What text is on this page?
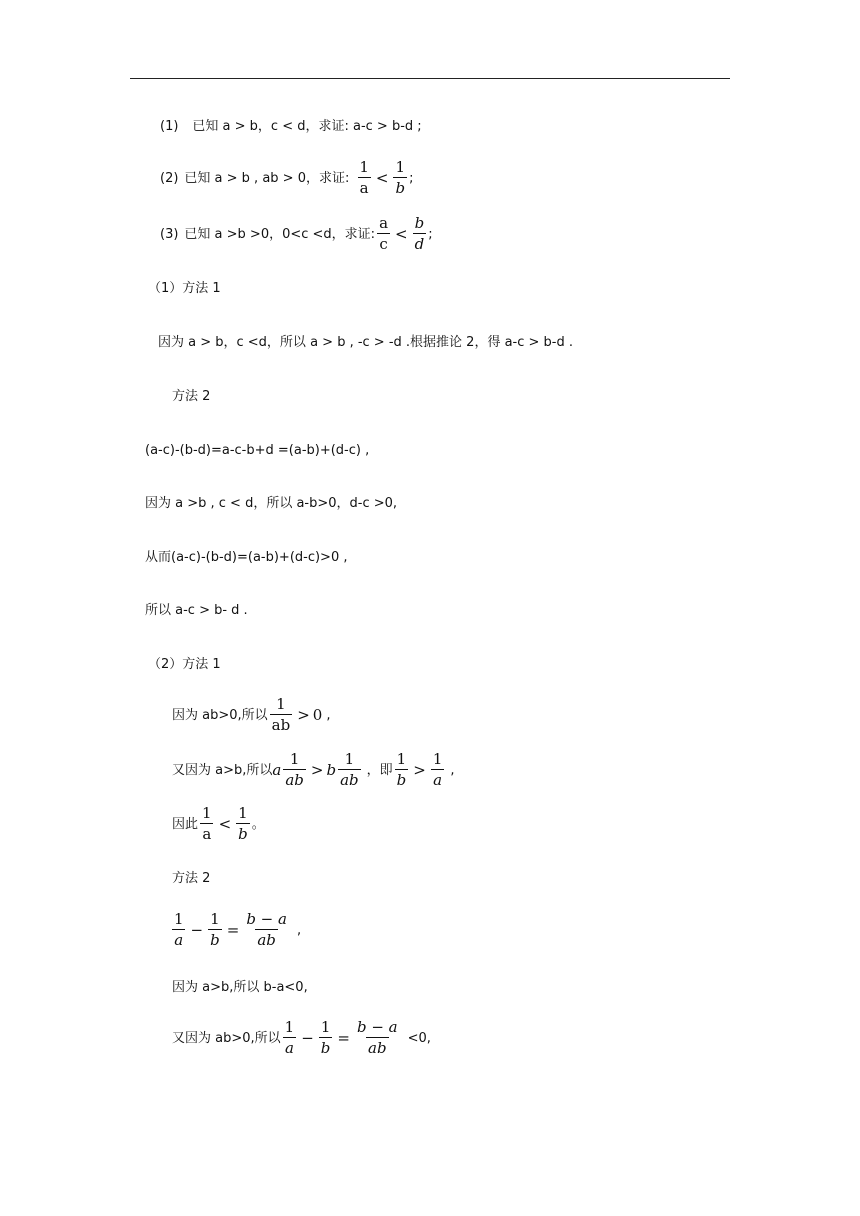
(1) 已知 a > b，c < d，求证: a-c > b-d ;
(2) 已知 a > b , ab > 0，求证: $\frac{1}{a} < \frac{1}{b}$ ;
(3) 已知 a >b >0，0<c <d，求证: $\frac{a}{c} < \frac{b}{d}$ ;
（1）方法 1
因为 a > b，c <d，所以 a > b , -c > -d .根据推论 2，得 a-c > b-d .
方法 2
(a-c)-(b-d)=a-c-b+d =(a-b)+(d-c) ,
因为 a >b , c < d，所以 a-b>0，d-c >0,
从而(a-c)-(b-d)=(a-b)+(d-c)>0 ,
所以 a-c > b- d .
（2）方法 1
因为 ab>0,所以 $\frac{1}{ab} > 0$ ,
又因为 a>b,所以 a $\frac{1}{ab} > b \frac{1}{ab}$ ，即 $\frac{1}{b} > \frac{1}{a}$ ,
因此 $\frac{1}{a} < \frac{1}{b}$ 。
方法 2
$\frac{1}{a} - \frac{1}{b} = \frac{b - a}{ab}$ ,
因为 a>b,所以 b-a<0,
又因为 ab>0,所以 $\frac{1}{a} - \frac{1}{b} = \frac{b - a}{ab} <0$,
